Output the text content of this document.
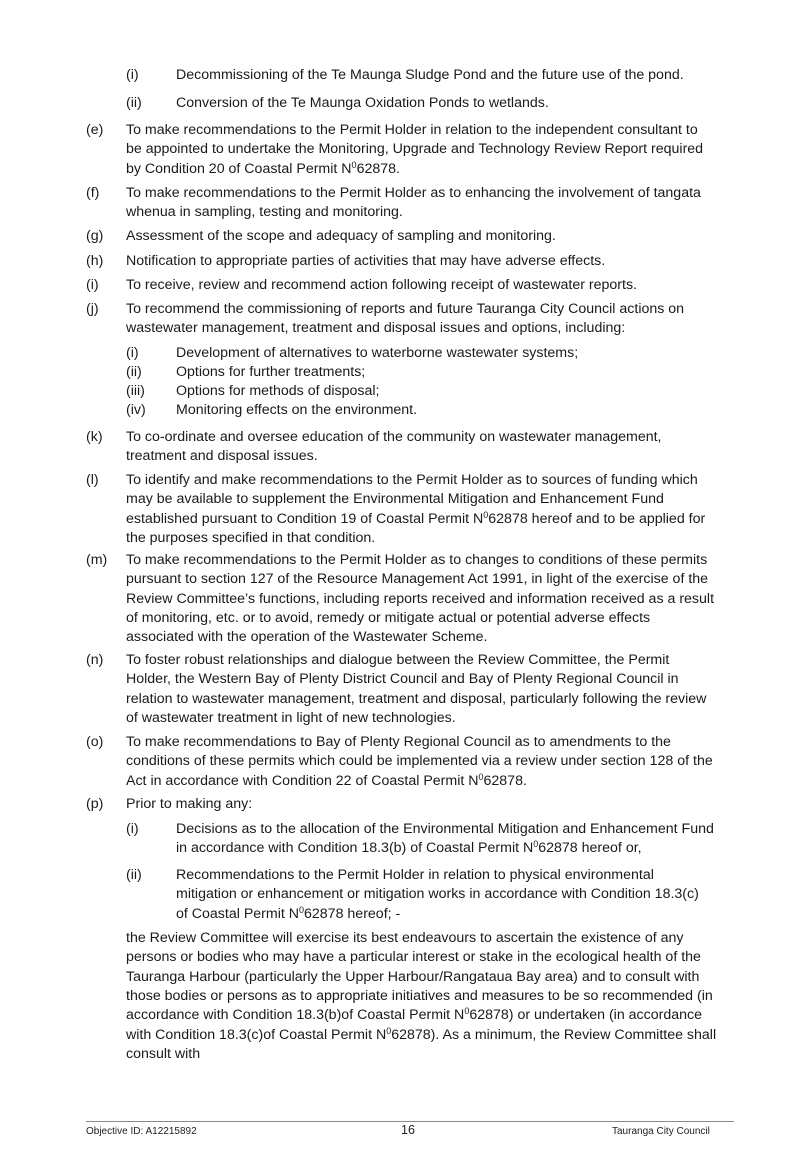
(i)	Decommissioning of the Te Maunga Sludge Pond and the future use of the pond.
(ii) Conversion of the Te Maunga Oxidation Ponds to wetlands.
(e) To make recommendations to the Permit Holder in relation to the independent consultant to
be appointed to undertake the Monitoring, Upgrade and Technology Review Report required
by Condition 20 of Coastal Permit $N^062878$.
(f) To make recommendations to the Permit Holder as to enhancing the involvement of tangata
whenua in sampling, testing and monitoring.
(g) Assessment of the scope and adequacy of sampling and monitoring.
(h) Notification to appropriate parties of activities that may have adverse effects.
(i) To receive, review and recommend action following receipt of wastewater reports.
(j) To recommend the commissioning of reports and future Tauranga City Council actions on
wastewater management, treatment and disposal issues and options, including:
(i)	Development of alternatives to waterborne wastewater systems;
(ii) Options for further treatments;
(iii) Options for methods of disposal;
(iv) Monitoring effects on the environment.
(k) To co-ordinate and oversee education of the community on wastewater management,
treatment and disposal issues.
(l) To identify and make recommendations to the Permit Holder as to sources of funding which
may be available to supplement the Environmental Mitigation and Enhancement Fund
established pursuant to Condition 19 of Coastal Permit $N^062878$ hereof and to be applied for
the purposes specified in that condition.
(m) To make recommendations to the Permit Holder as to changes to conditions of these permits
pursuant to section 127 of the Resource Management Act 1991, in light of the exercise of the
Review Committee’s functions, including reports received and information received as a result
of monitoring, etc. or to avoid, remedy or mitigate actual or potential adverse effects
associated with the operation of the Wastewater Scheme.
(n) To foster robust relationships and dialogue between the Review Committee, the Permit
Holder, the Western Bay of Plenty District Council and Bay of Plenty Regional Council in
relation to wastewater management, treatment and disposal, particularly following the review
of wastewater treatment in light of new technologies.
(o) To make recommendations to Bay of Plenty Regional Council as to amendments to the
conditions of these permits which could be implemented via a review under section 128 of the
Act in accordance with Condition 22 of Coastal Permit $N^062878$.
(p) Prior to making any:
(i)	Decisions as to the allocation of the Environmental Mitigation and Enhancement Fund
in accordance with Condition 18.3(b) of Coastal Permit $N^062878$ hereof or,
(ii) Recommendations to the Permit Holder in relation to physical environmental
mitigation or enhancement or mitigation works in accordance with Condition 18.3(c)
of Coastal Permit $N^062878$ hereof; -
the Review Committee will exercise its best endeavours to ascertain the existence of any
persons or bodies who may have a particular interest or stake in the ecological health of the
Tauranga Harbour (particularly the Upper Harbour/Rangataua Bay area) and to consult with
those bodies or persons as to appropriate initiatives and measures to be so recommended (in
accordance with Condition 18.3(b)of Coastal Permit $N^062878$) or undertaken (in accordance
with Condition 18.3(c)of Coastal Permit $N^062878$). As a minimum, the Review Committee shall
consult with
Objective ID: A12215892	16	Tauranga City Council
